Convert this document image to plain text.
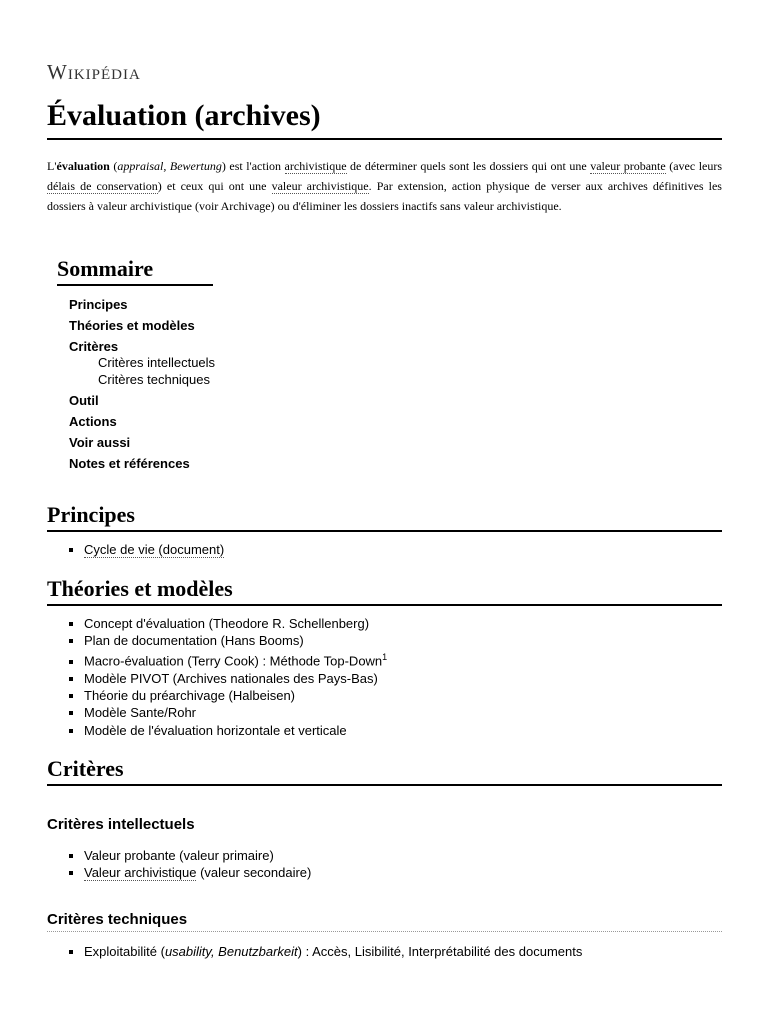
Wikipédia
Évaluation (archives)

L'évaluation (appraisal, Bewertung) est l'action archivistique de déterminer quels sont les dossiers qui ont une valeur probante (avec leurs délais de conservation) et ceux qui ont une valeur archivistique. Par extension, action physique de verser aux archives définitives les dossiers à valeur archivistique (voir Archivage) ou d'éliminer les dossiers inactifs sans valeur archivistique.

Sommaire
Principes
Théories et modèles
Critères
Critères intellectuels
Critères techniques
Outil
Actions
Voir aussi
Notes et références
Principes
▪ Cycle de vie (document)
Théories et modèles
▪ Concept d'évaluation (Theodore R. Schellenberg)
▪ Plan de documentation (Hans Booms)
▪ Macro-évaluation (Terry Cook) : Méthode Top-Down$^1$
▪ Modèle PIVOT (Archives nationales des Pays-Bas)
▪ Théorie du préarchivage (Halbeisen)
▪ Modèle Sante/Rohr
▪ Modèle de l'évaluation horizontale et verticale
Critères
Critères intellectuels
▪ Valeur probante (valeur primaire)
▪ Valeur archivistique (valeur secondaire)
Critères techniques
▪ Exploitabilité (usability, Benutzbarkeit) : Accès, Lisibilité, Interprétabilité des documents
